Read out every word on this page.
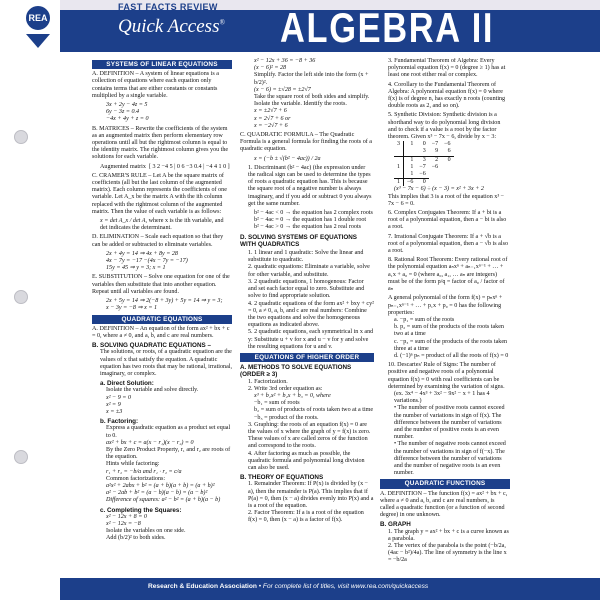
FAST FACTS REVIEW
Quick Access® ALGEBRA II
REA
SYSTEMS OF LINEAR EQUATIONS
A. DEFINITION – A system of linear equations is a collection of equations where each equation only contains terms that are either constants or constants multiplied by a single variable.
3x + 2y − 4z = 5
6y − 3z = 0.4
−4x + 4y + z = 0
B. MATRICES – Rewrite the coefficients of the system as an augmented matrix then perform elementary row operations until all but the rightmost column is equal to the identity matrix. The rightmost column gives you the solutions for each variable.
Augmented matrix  [ 3 2 −4 5 | 0 6 −3 0.4 | −4 4 1 0 ]
C. CRAMER'S RULE – Let A be the square matrix of coefficients (all but the last column of the augmented matrix). Each column represents the coefficients of one variable. Let A_x be the matrix A with the ith column replaced with the rightmost column of the augmented matrix. Then the value of each variable is as follows:
x = det A_x / det A, where x is the ith variable, and det indicates the determinant.
D. ELIMINATION – Scale each equation so that they can be added or subtracted to eliminate variables.
2x + 4y = 14 ⇒ 4x + 8y = 28
4x − 7y = −17 −(4x − 7y = −17)
15y = 45 ⇒ y = 3; x = 1
E. SUBSTITUTION – Solve one equation for one of the variables then substitute that into another equation. Repeat until all variables are found.
2x + 5y = 14 ⇒ 2(−8 + 3y) + 5y = 14 ⇒ y = 3;
x − 3y = −8 ⇒ x = 1
QUADRATIC EQUATIONS
A. DEFINITION – An equation of the form ax² + bx + c = 0, where a ≠ 0, and a, b, and c are real numbers.
B. SOLVING QUADRATIC EQUATIONS –
The solutions, or roots, of a quadratic equation are the values of x that satisfy the equation. A quadratic equation has two roots that may be rational, irrational, imaginary, or complex.
a. Direct Solution:
Isolate the variable and solve directly.
x² − 9 = 0
x² = 9
x = ±3
b. Factoring:
Express a quadratic equation as a product set equal to 0.
ax² + bx + c = a(x − r₁)(x − r₂) = 0
By the Zero Product Property, r₁ and r₂ are roots of the equation.
Hints while factoring:
r₁ + r₂ = −b/a and r₁ · r₂ = c/a
Common factorizations:
a²x² + 2abx + b² = (a + b)(a + b) = (a + b)²
a² − 2ab + b² = (a − b)(a − b) = (a − b)²
Difference of squares: a² − b² = (a + b)(a − b)
c. Completing the Squares:
x² − 12x + 8 = 0
x² − 12x = −8
Isolate the variables on one side.
Add (b/2)² to both sides.
x² − 12x + 36 = −8 + 36
(x − 6)² = 28
Simplify. Factor the left side into the form (x + b/2)².
(x − 6) = ±√28 = ±2√7
Take the square root of both sides and simplify. Isolate the variable. Identify the roots.
x = ±2√7 + 6
x = 2√7 + 6 or
x = −2√7 + 6
C. QUADRATIC FORMULA – The Quadratic Formula is a general formula for finding the roots of a quadratic equation.
x = (−b ± √(b² − 4ac)) / 2a
1. Discriminant (b² − 4ac) (the expression under the radical sign can be used to determine the types of roots a quadratic equation has. This is because the square root of a negative number is always imaginary, and if you add or subtract 0 you always get the same number.
b² − 4ac < 0 → the equation has 2 complex roots
b² − 4ac = 0 → the equation has 1 double root
b² − 4ac > 0 → the equation has 2 real roots
D. SOLVING SYSTEMS OF EQUATIONS WITH QUADRATICS
1. 1 linear and 1 quadratic: Solve the linear and substitute to quadratic.
2. quadratic equations: Eliminate a variable, solve for other variable, and substitute.
3. 2 quadratic equations, 1 homogenous: Factor and set each factor equal to zero. Substitute and solve to find appropriate solution.
4. 2 quadratic equations of the form ax² + bxy + cy² = 0, a ≠ 0, a, b, and c are real numbers: Combine the two equations and solve the homogeneous equations as indicated above.
5. 2 quadratic equations, each symmetrical in x and y: Substitute u + v for x and u − v for y and solve the resulting equations for u and v.
EQUATIONS OF HIGHER ORDER
A. METHODS TO SOLVE EQUATIONS (ORDER ≥ 3)
1. Factorization.
2. Write 3rd order equation as:
x³ + b₁x² + b₂x + b₃ = 0, where
−b₁ = sum of roots
b₂ = sum of products of roots taken two at a time
−b₃ = product of the roots.
3. Graphing: the roots of an equation f(x) = 0 are the values of x where the graph of y = f(x) is zero. These values of x are called zeros of the function and correspond to the roots.
4. After factoring as much as possible, the quadratic formula and polynomial long division can also be used.
B. THEORY OF EQUATIONS
1. Remainder Theorem: If P(x) is divided by (x − a), then the remainder is P(a). This implies that if P(a) = 0, then (x − a) divides evenly into P(x) and a is a root of the equation.
2. Factor Theorem: If a is a root of the equation f(x) = 0, then (x − a) is a factor of f(x).
3. Fundamental Theorem of Algebra: Every polynomial equation f(x) = 0 (degree ≥ 1) has at least one root either real or complex.
4. Corollary to the Fundamental Theorem of Algebra: A polynomial equation f(x) = 0 where f(x) is of degree n, has exactly n roots (counting double roots as 2, and so on).
5. Synthetic Division: Synthetic division is a shorthand way to do polynomial long division and to check if a value is a root by the factor theorem. Given x³ − 7x − 6, divide by x − 3:
3	1	0	−7	−6
		3	9	6
	1	3	2	0
1	1	−7	−6	
	1	−6		
1	−6	0		
(x³ − 7x − 6) ÷ (x − 3) = x² + 3x + 2
This implies that 3 is a root of the equation x³ − 7x − 6 = 0.
6. Complex Conjugates Theorem: If a + bi is a root of a polynomial equation, then a − bi is also a root.
7. Irrational Conjugate Theorem: If a + √b is a root of a polynomial equation, then a − √b is also a root.
8. Rational Root Theorem: Every rational root of the polynomial equation aₙxⁿ + aₙ₋₁xⁿ⁻¹ + … + a₁x + a₀ = 0 (where a₀, a₁, … aₙ are integers) must be of the form p/q = factor of a₀ / factor of aₙ
A general polynomial of the form f(x) = pₙxⁿ + pₙ₋₁xⁿ⁻¹ + … + p₁x + p₀ = 0 has the following properties:
a. −p₁ = sum of the roots
b. p₂ = sum of the products of the roots taken two at a time
c. −p₃ = sum of the products of the roots taken three at a time
d. (−1)ⁿ pₙ = product of all the roots of f(x) = 0
10. Descartes' Rule of Signs: The number of positive and negative roots of a polynomial equation f(x) = 0 with real coefficients can be determined by examining the variation of signs.
(ex. 3x⁴ − 4x³ + 3x² − 9x² − x + 1 has 4 variations.)
• The number of positive roots cannot exceed the number of variations in sign of f(x). The difference between the number of variations and the number of positive roots is an even number.
• The number of negative roots cannot exceed the number of variations in sign of f(−x). The difference between the number of variations and the number of negative roots is an even number.
QUADRATIC FUNCTIONS
A. DEFINITION – The function f(x) = ax² + bx + c, where a ≠ 0 and a, b, and c are real numbers, is called a quadratic function (or a function of second degree) in one unknown.
B. GRAPH
1. The graph y = ax² + bx + c is a curve known as a parabola.
2. The vertex of the parabola is the point (−b/2a, (4ac − b²)/4a). The line of symmetry is the line x = −b/2a
Research & Education Association • For complete list of titles, visit www.rea.com/quickaccess
